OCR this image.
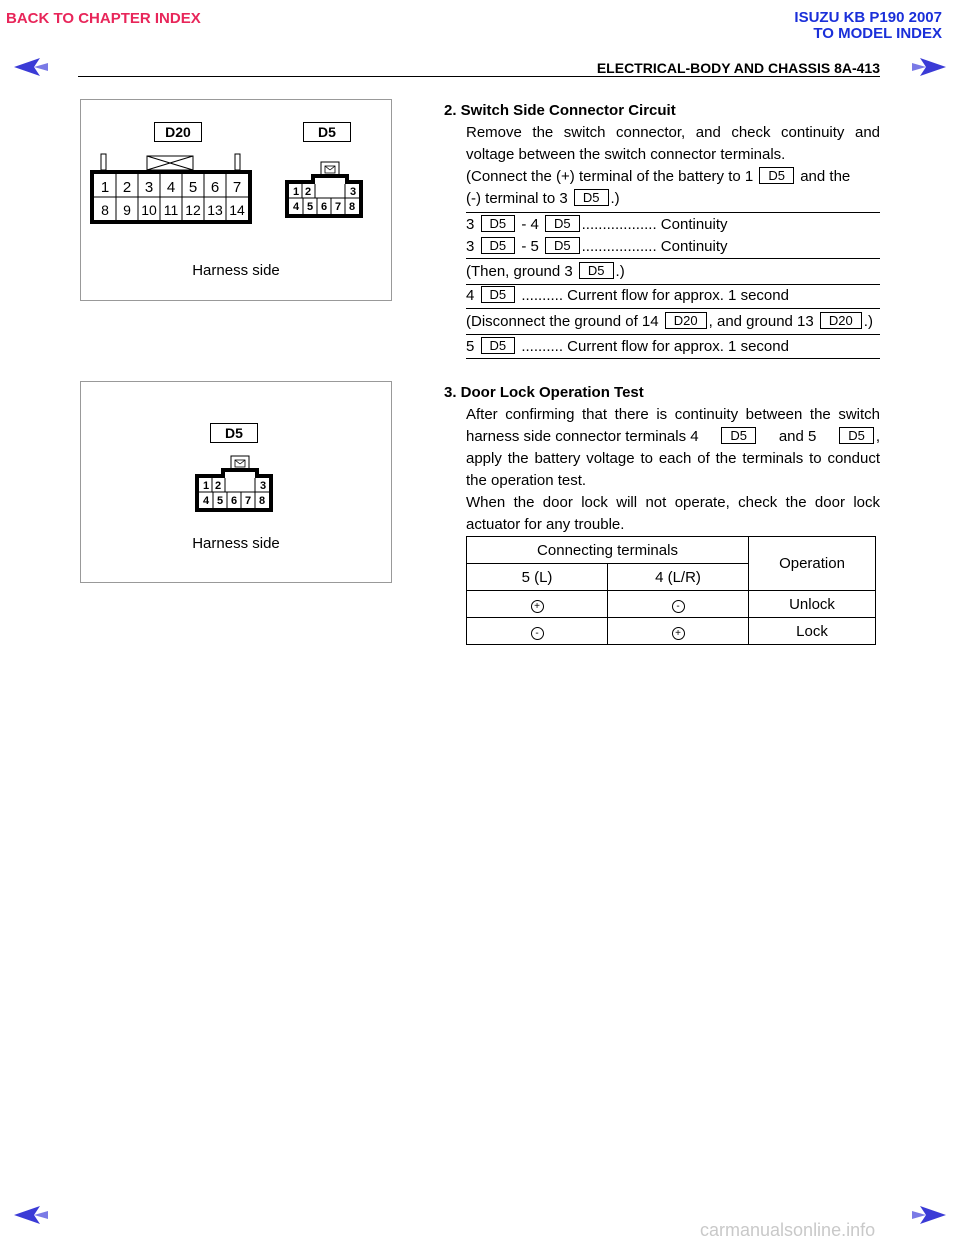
BACK TO CHAPTER INDEX	ISUZU KB P190 2007
TO MODEL INDEX
ELECTRICAL-BODY AND CHASSIS 8A-413
D20	D5
1 2 3 4 5 6 7
8 9 10 11 12 13 14
1 2	3
4 5 6 7 8
Harness side
D5
1 2	3
4 5 6 7 8
Harness side
2. Switch Side Connector Circuit
Remove the switch connector, and check continuity and voltage between the switch connector terminals.
(Connect the (+) terminal of the battery to 1 D5 and the
(-) terminal to 3 D5 .)
3 D5 - 4 D5 .................. Continuity
3 D5 - 5 D5 .................. Continuity
(Then, ground 3 D5 .)
4 D5 .......... Current flow for approx. 1 second
(Disconnect the ground of 14 D20 , and ground 13 D20 .)
5 D5 .......... Current flow for approx. 1 second
3. Door Lock Operation Test
After confirming that there is continuity between the switch
harness side connector terminals 4	D5	and 5	D5 ,
apply the battery voltage to each of the terminals to conduct
the operation test.
When the door lock will not operate, check the door lock
actuator for any trouble.
Connecting terminals		Operation
5 (L)	4 (L/R)	
+	-	Unlock
-	+	Lock
carmanualsonline.info
